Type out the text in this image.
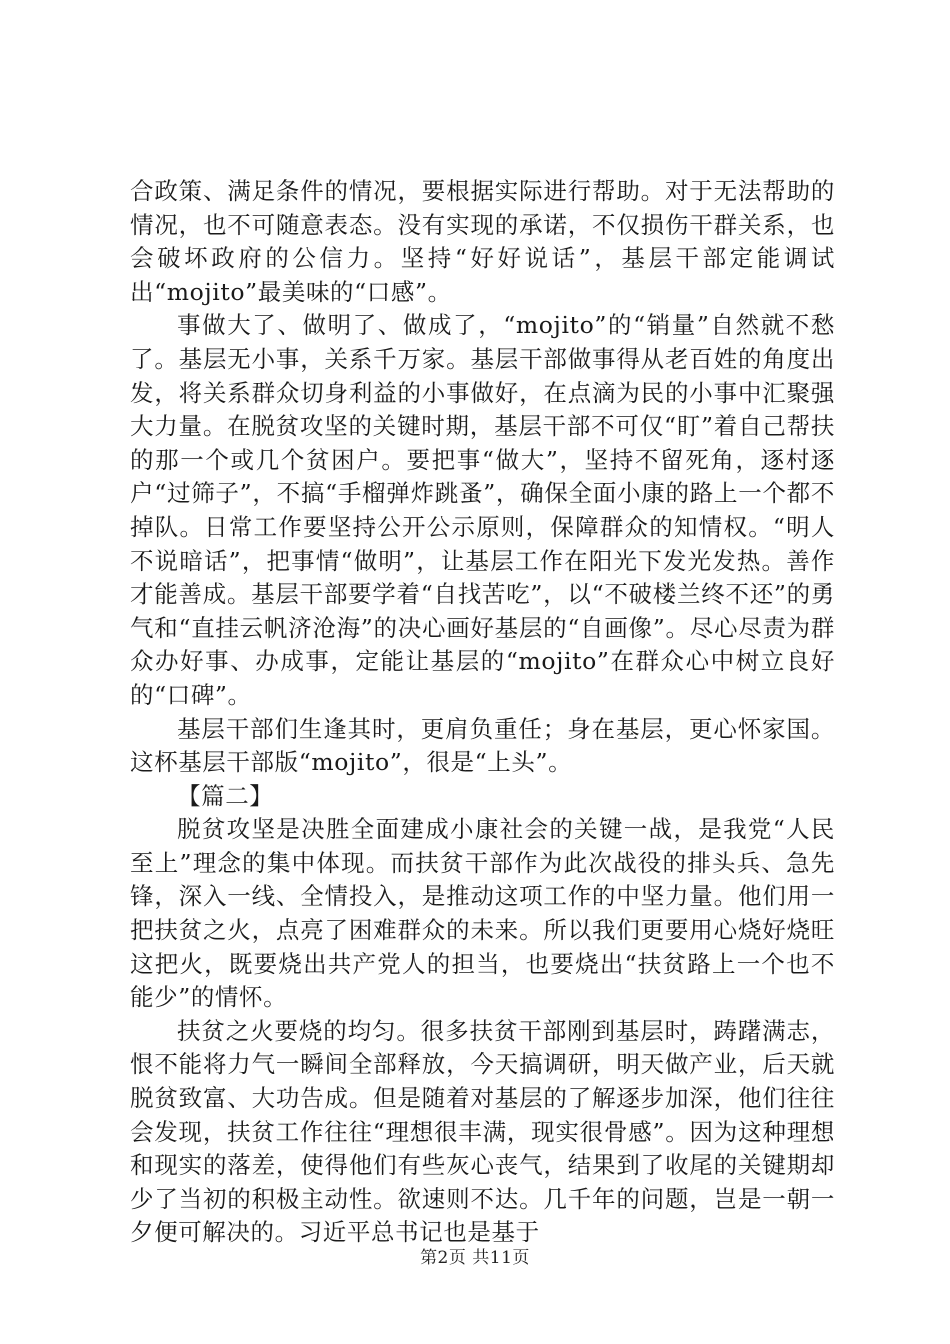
合政策、满足条件的情况，要根据实际进行帮助。对于无法帮助的情况，也不可随意表态。没有实现的承诺，不仅损伤干群关系，也会破坏政府的公信力。坚持“好好说话”，基层干部定能调试出“mojito”最美味的“口感”。

事做大了、做明了、做成了，“mojito”的“销量”自然就不愁了。基层无小事，关系千万家。基层干部做事得从老百姓的角度出发，将关系群众切身利益的小事做好，在点滴为民的小事中汇聚强大力量。在脱贫攻坚的关键时期，基层干部不可仅“盯”着自己帮扶的那一个或几个贫困户。要把事“做大”，坚持不留死角，逐村逐户“过筛子”，不搞“手榴弹炸跳蚤”，确保全面小康的路上一个都不掉队。日常工作要坚持公开公示原则，保障群众的知情权。“明人不说暗话”，把事情“做明”，让基层工作在阳光下发光发热。善作才能善成。基层干部要学着“自找苦吃”，以“不破楼兰终不还”的勇气和“直挂云帆济沧海”的决心画好基层的“自画像”。尽心尽责为群众办好事、办成事，定能让基层的“mojito”在群众心中树立良好的“口碑”。

基层干部们生逢其时，更肩负重任；身在基层，更心怀家国。这杯基层干部版“mojito”，很是“上头”。

【篇二】

脱贫攻坚是决胜全面建成小康社会的关键一战，是我党“人民至上”理念的集中体现。而扶贫干部作为此次战役的排头兵、急先锋，深入一线、全情投入，是推动这项工作的中坚力量。他们用一把扶贫之火，点亮了困难群众的未来。所以我们更要用心烧好烧旺这把火，既要烧出共产党人的担当，也要烧出“扶贫路上一个也不能少”的情怀。

扶贫之火要烧的均匀。很多扶贫干部刚到基层时，踌躇满志，恨不能将力气一瞬间全部释放，今天搞调研，明天做产业，后天就脱贫致富、大功告成。但是随着对基层的了解逐步加深，他们往往会发现，扶贫工作往往“理想很丰满，现实很骨感”。因为这种理想和现实的落差，使得他们有些灰心丧气，结果到了收尾的关键期却少了当初的积极主动性。欲速则不达。几千年的问题，岂是一朝一夕便可解决的。习近平总书记也是基于

第2页 共11页
